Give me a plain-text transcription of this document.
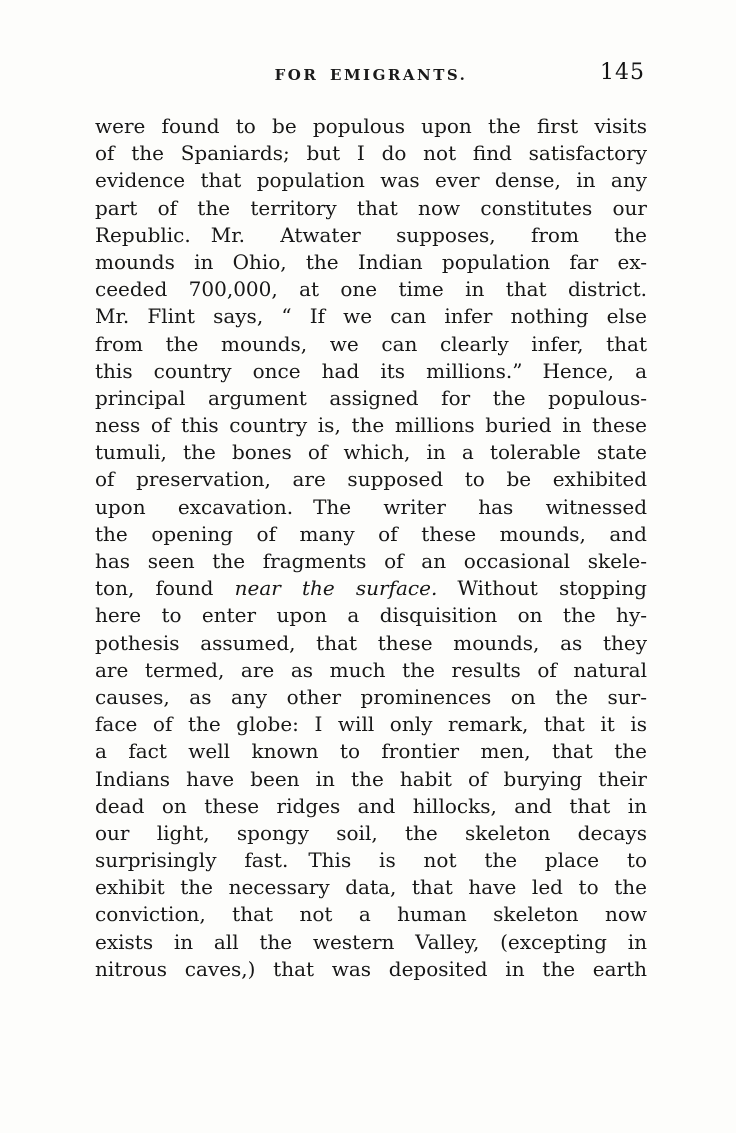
FOR EMIGRANTS.	145
were found to be populous upon the first visits
of the Spaniards; but I do not find satisfactory
evidence that population was ever dense, in any
part of the territory that now constitutes our
Republic. Mr. Atwater supposes, from the
mounds in Ohio, the Indian population far ex-
ceeded 700,000, at one time in that district.
Mr. Flint says, “ If we can infer nothing else
from the mounds, we can clearly infer, that
this country once had its millions.” Hence, a
principal argument assigned for the populous-
ness of this country is, the millions buried in these
tumuli, the bones of which, in a tolerable state
of preservation, are supposed to be exhibited
upon excavation. The writer has witnessed
the opening of many of these mounds, and
has seen the fragments of an occasional skele-
ton, found near the surface. Without stopping
here to enter upon a disquisition on the hy-
pothesis assumed, that these mounds, as they
are termed, are as much the results of natural
causes, as any other prominences on the sur-
face of the globe: I will only remark, that it is
a fact well known to frontier men, that the
Indians have been in the habit of burying their
dead on these ridges and hillocks, and that in
our light, spongy soil, the skeleton decays
surprisingly fast. This is not the place to
exhibit the necessary data, that have led to the
conviction, that not a human skeleton now
exists in all the western Valley, (excepting in
nitrous caves,) that was deposited in the earth
